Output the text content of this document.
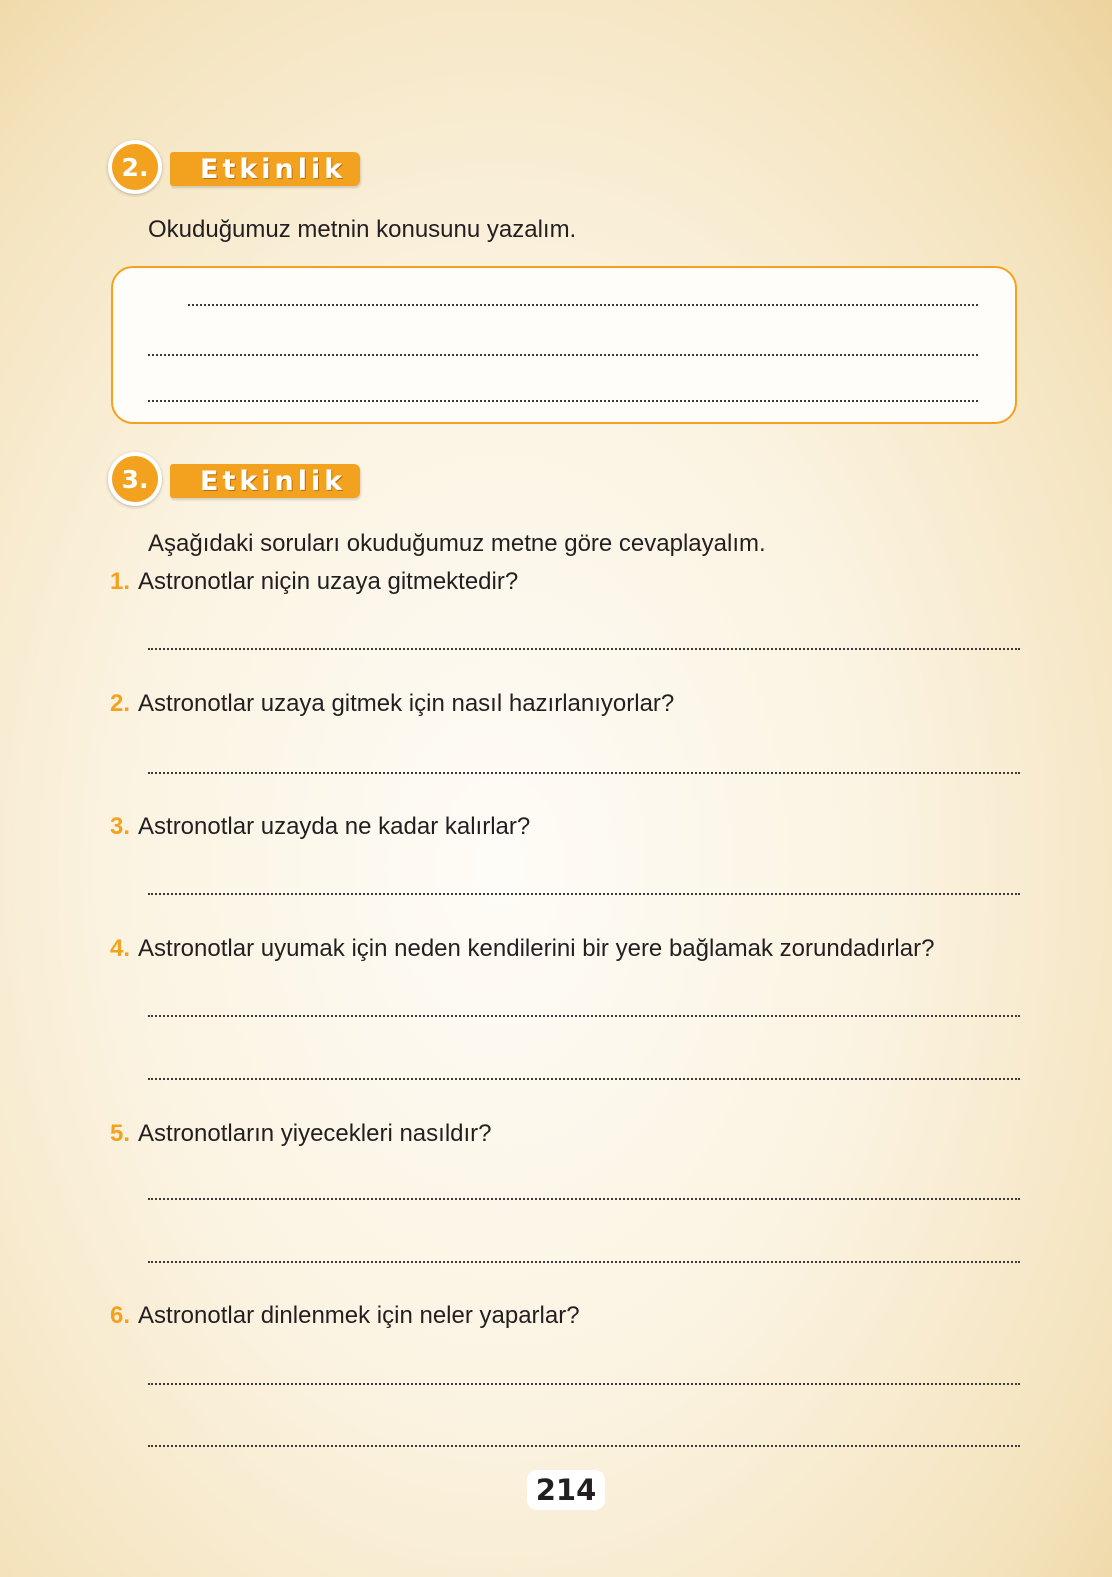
2.	Etkinlik
Okuduğumuz metnin konusunu yazalım.
3.	Etkinlik
Aşağıdaki soruları okuduğumuz metne göre cevaplayalım.
1. Astronotlar niçin uzaya gitmektedir?
2. Astronotlar uzaya gitmek için nasıl hazırlanıyorlar?
3. Astronotlar uzayda ne kadar kalırlar?
4. Astronotlar uyumak için neden kendilerini bir yere bağlamak zorundadırlar?
5. Astronotların yiyecekleri nasıldır?
6. Astronotlar dinlenmek için neler yaparlar?
214
